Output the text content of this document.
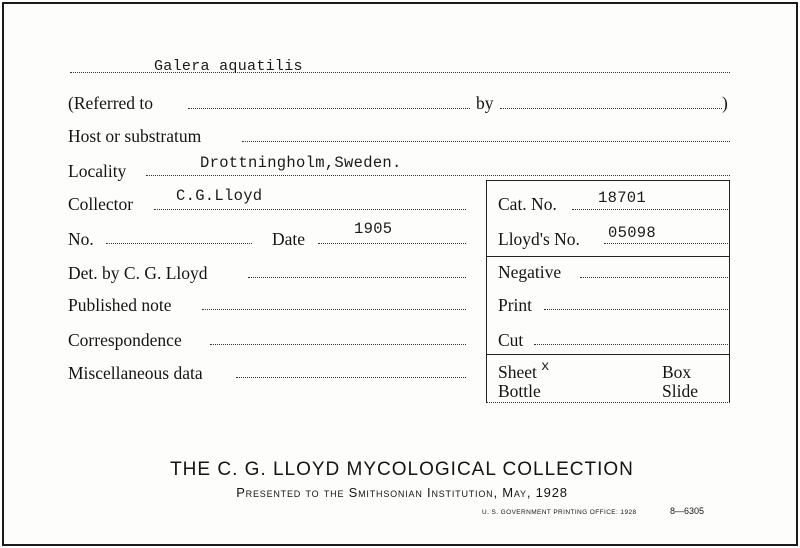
Galera aquatilis
(Referred to	by	)
Host or substratum
Locality	Drottningholm,Sweden.
Collector	C.G.Lloyd
No.	Date	1905
Det. by C. G. Lloyd
Published note
Correspondence
Miscellaneous data
Cat. No.	18701
Lloyd's No. 05098
Negative
Print
Cut
Sheet x	Box
Bottle	Slide
THE C. G. LLOYD MYCOLOGICAL COLLECTION
Presented to the Smithsonian Institution, May, 1928
U. S. GOVERNMENT PRINTING OFFICE: 1928	8—6305
